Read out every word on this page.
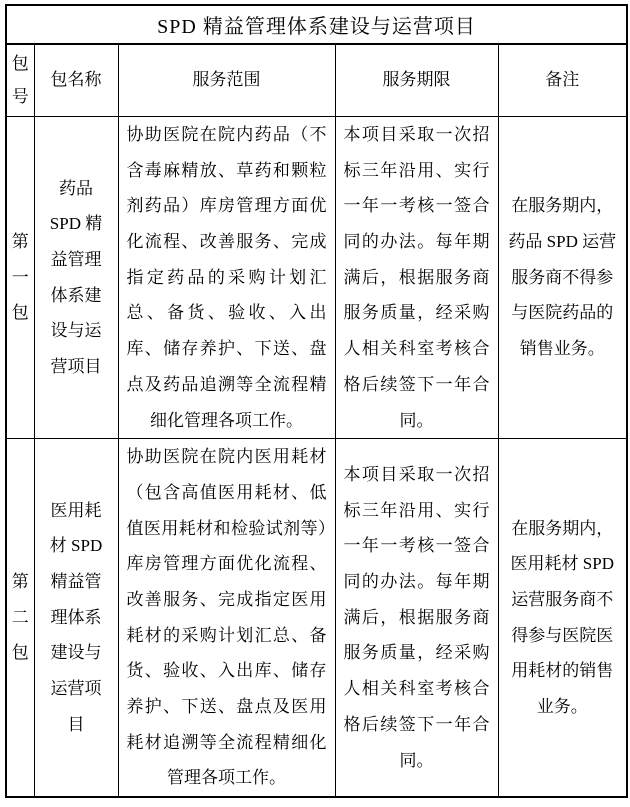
SPD 精益管理体系建设与运营项目				
包号	包名称	服务范围	服务期限	备注
第一包	药品 SPD 精益管理体系建设与运营项目	协助医院在院内药品（不含毒麻精放、草药和颗粒剂药品）库房管理方面优化流程、改善服务、完成指定药品的采购计划汇总、备货、验收、入出库、储存养护、下送、盘点及药品追溯等全流程精细化管理各项工作。	本项目采取一次招标三年沿用、实行一年一考核一签合同的办法。每年期满后，根据服务商服务质量，经采购人相关科室考核合格后续签下一年合同。	在服务期内，药品 SPD 运营服务商不得参与医院药品的销售业务。
第二包	医用耗材 SPD 精益管理体系建设与运营项目	协助医院在院内医用耗材（包含高值医用耗材、低值医用耗材和检验试剂等）库房管理方面优化流程、改善服务、完成指定医用耗材的采购计划汇总、备货、验收、入出库、储存养护、下送、盘点及医用耗材追溯等全流程精细化管理各项工作。	本项目采取一次招标三年沿用、实行一年一考核一签合同的办法。每年期满后，根据服务商服务质量，经采购人相关科室考核合格后续签下一年合同。	在服务期内，医用耗材 SPD 运营服务商不得参与医院医用耗材的销售业务。
